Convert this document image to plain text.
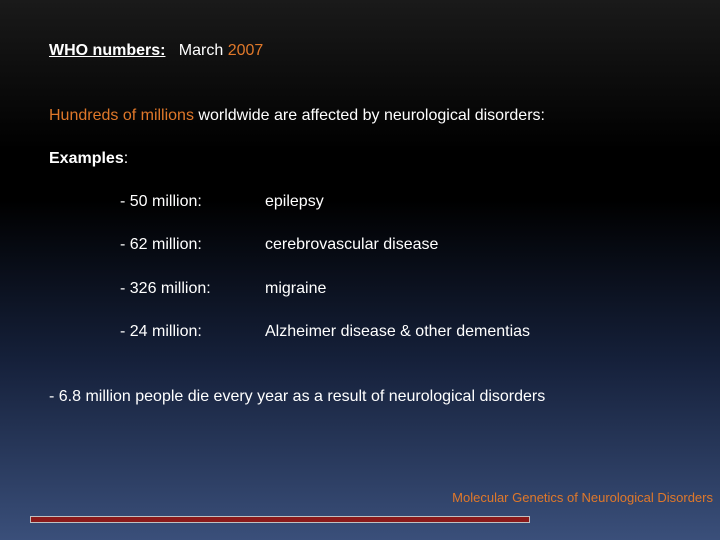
WHO numbers: March 2007
Hundreds of millions worldwide are affected by neurological disorders:
Examples:
- 50 million:	epilepsy
- 62 million:	cerebrovascular disease
- 326 million:	migraine
- 24 million:	Alzheimer disease & other dementias
- 6.8 million people die every year as a result of neurological disorders
Molecular Genetics of Neurological Disorders
